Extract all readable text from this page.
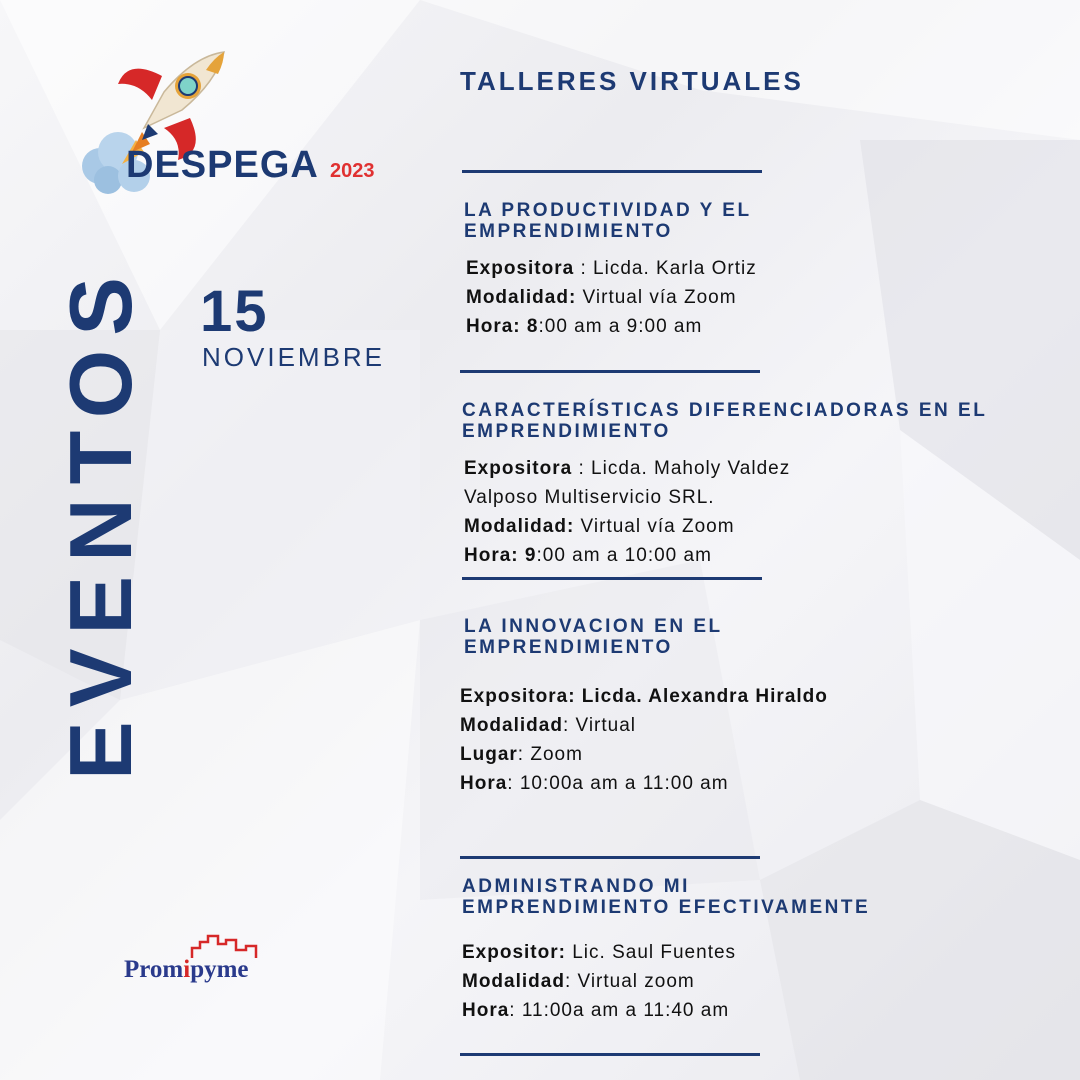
DESPEGA 2023
15
NOVIEMBRE
EVENTOS
Promipyme
TALLERES VIRTUALES
LA PRODUCTIVIDAD Y EL
EMPRENDIMIENTO
Expositora : Licda. Karla Ortiz
Modalidad: Virtual vía Zoom
Hora: 8:00 am a 9:00 am
CARACTERÍSTICAS DIFERENCIADORAS EN EL
EMPRENDIMIENTO
Expositora : Licda. Maholy Valdez
Valposo Multiservicio SRL.
Modalidad: Virtual vía Zoom
Hora: 9:00 am a 10:00 am
LA INNOVACION EN EL
EMPRENDIMIENTO
Expositora: Licda. Alexandra Hiraldo
Modalidad: Virtual
Lugar: Zoom
Hora: 10:00a am a 11:00 am
ADMINISTRANDO MI
EMPRENDIMIENTO EFECTIVAMENTE
Expositor: Lic. Saul Fuentes
Modalidad: Virtual zoom
Hora: 11:00a am a 11:40 am
